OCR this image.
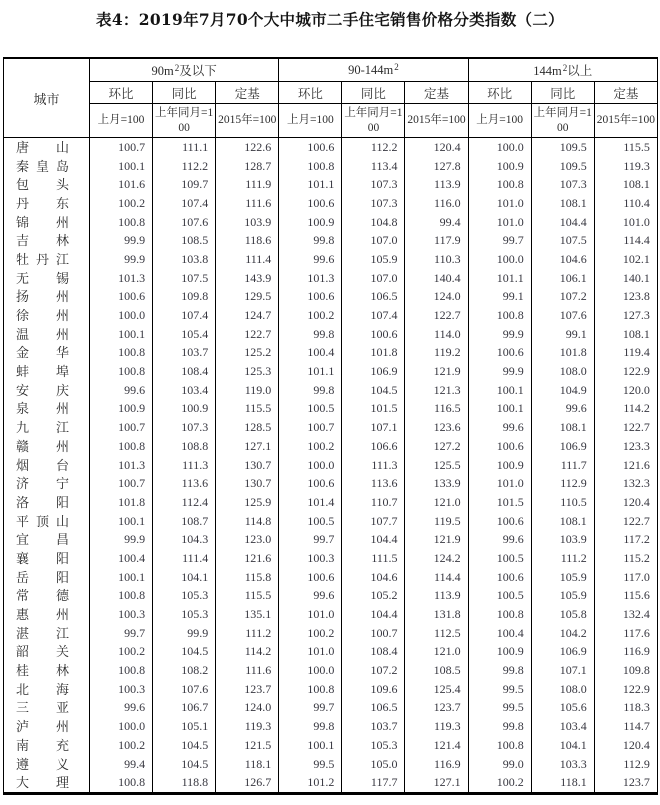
表4：2019年7月70个大中城市二手住宅销售价格分类指数（二）
城市	$90m^2$及以下			$90-144m^2$			$144m^2$以上		
	环比	同比	定基	环比	同比	定基	环比	同比	定基
	上月=100	上年同月=100	2015年=100	上月=100	上年同月=100	2015年=100	上月=100	上年同月=100	2015年=100

唐 山	100.7	111.1	122.6	100.6	112.2	120.4	100.0	109.5	115.5

秦 皇 岛	100.1	112.2	128.7	100.8	113.4	127.8	100.9	109.5	119.3

包 头	101.6	109.7	111.9	101.1	107.3	113.9	100.8	107.3	108.1

丹 东	100.2	107.4	111.6	100.6	107.3	116.0	101.0	108.1	110.4

锦 州	100.8	107.6	103.9	100.9	104.8	99.4	101.0	104.4	101.0

吉 林	99.9	108.5	118.6	99.8	107.0	117.9	99.7	107.5	114.4

牡 丹 江	99.9	103.8	111.4	99.6	105.9	110.3	100.0	104.6	102.1

无 锡	101.3	107.5	143.9	101.3	107.0	140.4	101.1	106.1	140.1

扬 州	100.6	109.8	129.5	100.6	106.5	124.0	99.1	107.2	123.8

徐 州	100.0	107.4	124.7	100.2	107.4	122.7	100.8	107.6	127.3

温 州	100.1	105.4	122.7	99.8	100.6	114.0	99.9	99.1	108.1

金 华	100.8	103.7	125.2	100.4	101.8	119.2	100.6	101.8	119.4

蚌 埠	100.8	108.4	125.3	101.1	106.9	121.9	99.9	108.0	122.9

安 庆	99.6	103.4	119.0	99.8	104.5	121.3	100.1	104.9	120.0

泉 州	100.9	100.9	115.5	100.5	101.5	116.5	100.1	99.6	114.2

九 江	100.7	107.3	128.5	100.7	107.1	123.6	99.6	108.1	122.7

赣 州	100.8	108.8	127.1	100.2	106.6	127.2	100.6	106.9	123.3

烟 台	101.3	111.3	130.7	100.0	111.3	125.5	100.9	111.7	121.6

济 宁	100.7	113.6	130.7	100.6	113.6	133.9	101.0	112.9	132.3

洛 阳	101.8	112.4	125.9	101.4	110.7	121.0	101.5	110.5	120.4

平 顶 山	100.1	108.7	114.8	100.5	107.7	119.5	100.6	108.1	122.7

宜 昌	99.9	104.3	123.0	99.7	104.4	121.9	99.6	103.9	117.2

襄 阳	100.4	111.4	121.6	100.3	111.5	124.2	100.5	111.2	115.2

岳 阳	100.1	104.1	115.8	100.6	104.6	114.4	100.6	105.9	117.0

常 德	100.8	105.3	115.5	99.6	105.2	113.9	100.5	105.9	115.6

惠 州	100.3	105.3	135.1	101.0	104.4	131.8	100.8	105.8	132.4

湛 江	99.7	99.9	111.2	100.2	100.7	112.5	100.4	104.2	117.6

韶 关	100.2	104.5	114.2	101.0	108.4	121.0	100.9	106.9	116.9

桂 林	100.8	108.2	111.6	100.0	107.2	108.5	99.8	107.1	109.8

北 海	100.3	107.6	123.7	100.8	109.6	125.4	99.5	108.0	122.9

三 亚	99.6	106.7	124.0	99.7	106.5	123.7	99.5	105.6	118.3

泸 州	100.0	105.1	119.3	99.8	103.7	119.3	99.8	103.4	114.7

南 充	100.2	104.5	121.5	100.1	105.3	121.4	100.8	104.1	120.4

遵 义	99.4	104.5	118.1	99.5	105.0	116.9	99.0	103.3	112.9

大 理	100.8	118.8	126.7	101.2	117.7	127.1	100.2	118.1	123.7
